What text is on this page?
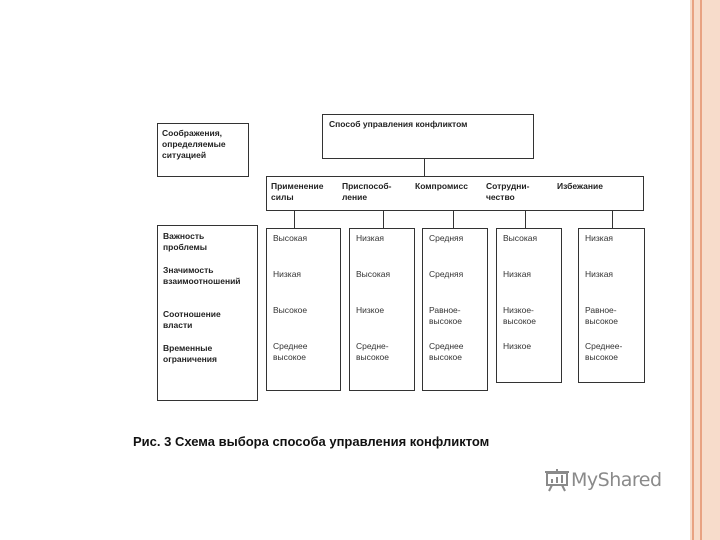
Способ управления конфликтом
Соображения,
определяемые
ситуацией
Применение
силы
Приспособ-
ление
Компромисс Сотрудни-
чество
Избежание
Важность
проблемы
Значимость
взаимоотношений
Соотношение
власти
Временные
ограничения
Высокая
Низкая
Высокое
Среднее
высокое
Низкая
Высокая
Низкое
Средне-
высокое
Средняя
Средняя
Равное-
высокое
Среднее
высокое
Высокая
Низкая
Низкое-
высокое
Низкое
Низкая
Низкая
Равное-
высокое
Среднее-
высокое
Рис. 3 Схема выбора способа управления конфликтом
MyShared
